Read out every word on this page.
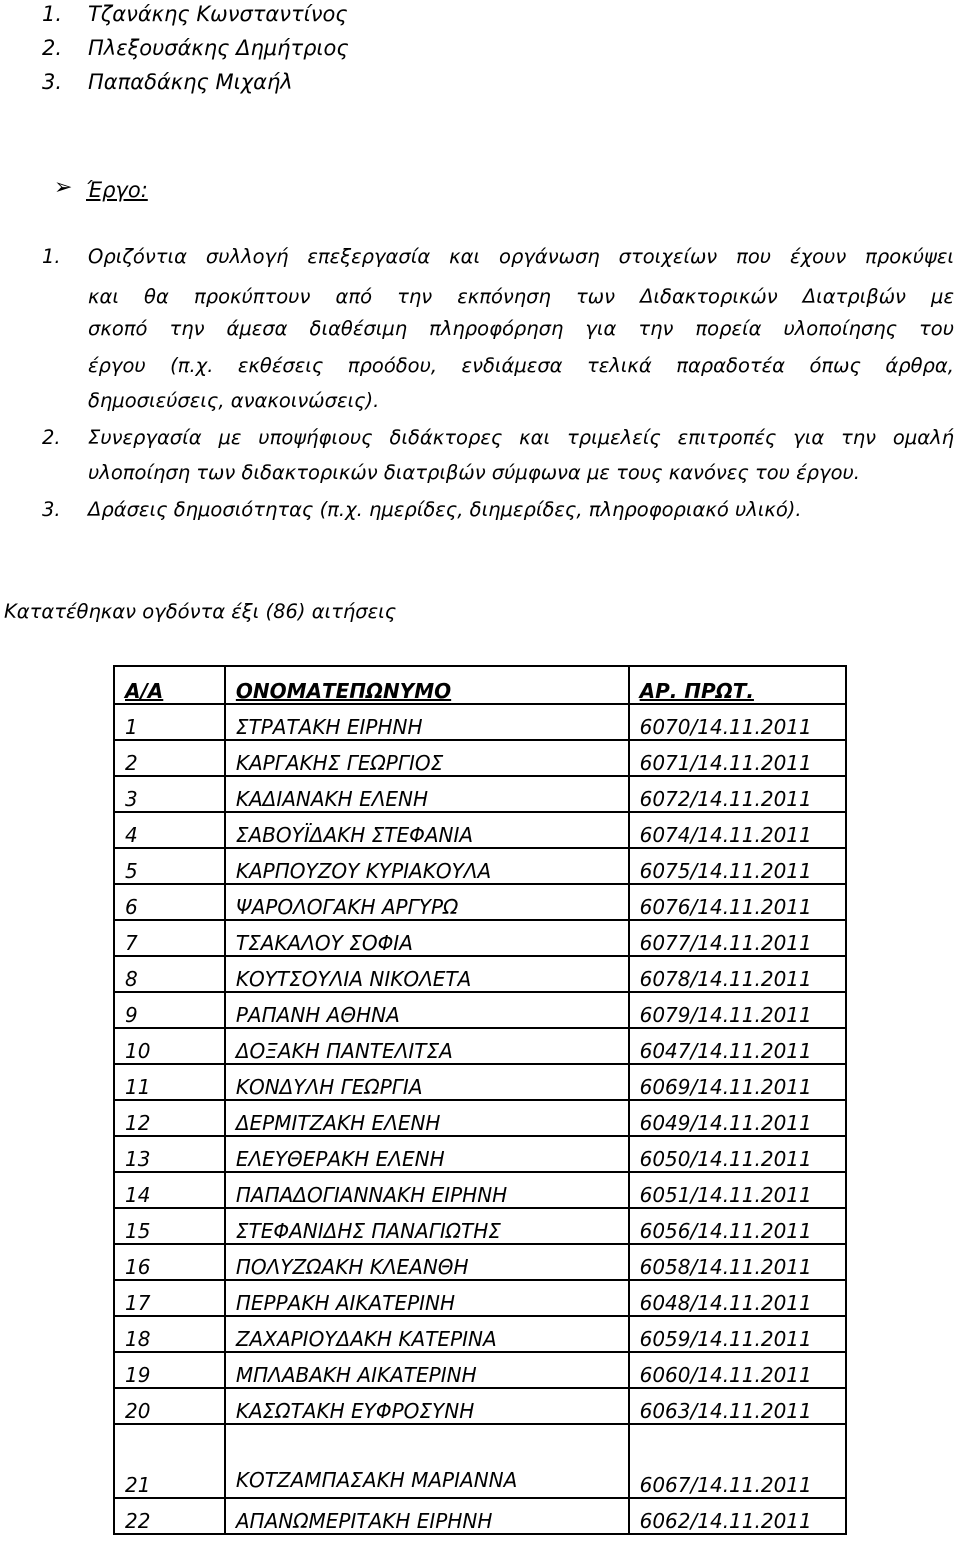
1. Τζανάκης Κωνσταντίνος
2. Πλεξουσάκης Δημήτριος
3. Παπαδάκης Μιχαήλ
➢ Έργο:
1. Οριζόντια συλλογή επεξεργασία και οργάνωση στοιχείων που έχουν προκύψει
και θα προκύπτουν από την εκπόνηση των Διδακτορικών Διατριβών με
σκοπό την άμεσα διαθέσιμη πληροφόρηση για την πορεία υλοποίησης του
έργου (π.χ. εκθέσεις προόδου, ενδιάμεσα τελικά παραδοτέα όπως άρθρα,
δημοσιεύσεις, ανακοινώσεις).
2. Συνεργασία με υποψήφιους διδάκτορες και τριμελείς επιτροπές για την ομαλή
υλοποίηση των διδακτορικών διατριβών σύμφωνα με τους κανόνες του έργου.
3. Δράσεις δημοσιότητας (π.χ. ημερίδες, διημερίδες, πληροφοριακό υλικό).
Κατατέθηκαν ογδόντα έξι (86) αιτήσεις
Α/Α	ΟΝΟΜΑΤΕΠΩΝΥΜΟ	ΑΡ. ΠΡΩΤ.
1	ΣΤΡΑΤΑΚΗ ΕΙΡΗΝΗ	6070/14.11.2011
2	ΚΑΡΓΑΚΗΣ ΓΕΩΡΓΙΟΣ	6071/14.11.2011
3	ΚΑΔΙΑΝΑΚΗ ΕΛΕΝΗ	6072/14.11.2011
4	ΣΑΒΟΥΪΔΑΚΗ ΣΤΕΦΑΝΙΑ	6074/14.11.2011
5	ΚΑΡΠΟΥΖΟΥ ΚΥΡΙΑΚΟΥΛΑ	6075/14.11.2011
6	ΨΑΡΟΛΟΓΑΚΗ ΑΡΓΥΡΩ	6076/14.11.2011
7	ΤΣΑΚΑΛΟΥ ΣΟΦΙΑ	6077/14.11.2011
8	ΚΟΥΤΣΟΥΛΙΑ ΝΙΚΟΛΕΤΑ	6078/14.11.2011
9	ΡΑΠΑΝΗ ΑΘΗΝΑ	6079/14.11.2011
10	ΔΟΞΑΚΗ ΠΑΝΤΕΛΙΤΣΑ	6047/14.11.2011
11	ΚΟΝΔΥΛΗ ΓΕΩΡΓΙΑ	6069/14.11.2011
12	ΔΕΡΜΙΤΖΑΚΗ ΕΛΕΝΗ	6049/14.11.2011
13	ΕΛΕΥΘΕΡΑΚΗ ΕΛΕΝΗ	6050/14.11.2011
14	ΠΑΠΑΔΟΓΙΑΝΝΑΚΗ ΕΙΡΗΝΗ	6051/14.11.2011
15	ΣΤΕΦΑΝΙΔΗΣ ΠΑΝΑΓΙΩΤΗΣ	6056/14.11.2011
16	ΠΟΛΥΖΩΑΚΗ ΚΛΕΑΝΘΗ	6058/14.11.2011
17	ΠΕΡΡΑΚΗ ΑΙΚΑΤΕΡΙΝΗ	6048/14.11.2011
18	ΖΑΧΑΡΙΟΥΔΑΚΗ ΚΑΤΕΡΙΝΑ	6059/14.11.2011
19	ΜΠΛΑΒΑΚΗ ΑΙΚΑΤΕΡΙΝΗ	6060/14.11.2011
20	ΚΑΣΩΤΑΚΗ ΕΥΦΡΟΣΥΝΗ	6063/14.11.2011
21	ΚΟΤΖΑΜΠΑΣΑΚΗ ΜΑΡΙΑΝΝΑ	6067/14.11.2011
22	ΑΠΑΝΩΜΕΡΙΤΑΚΗ ΕΙΡΗΝΗ	6062/14.11.2011
